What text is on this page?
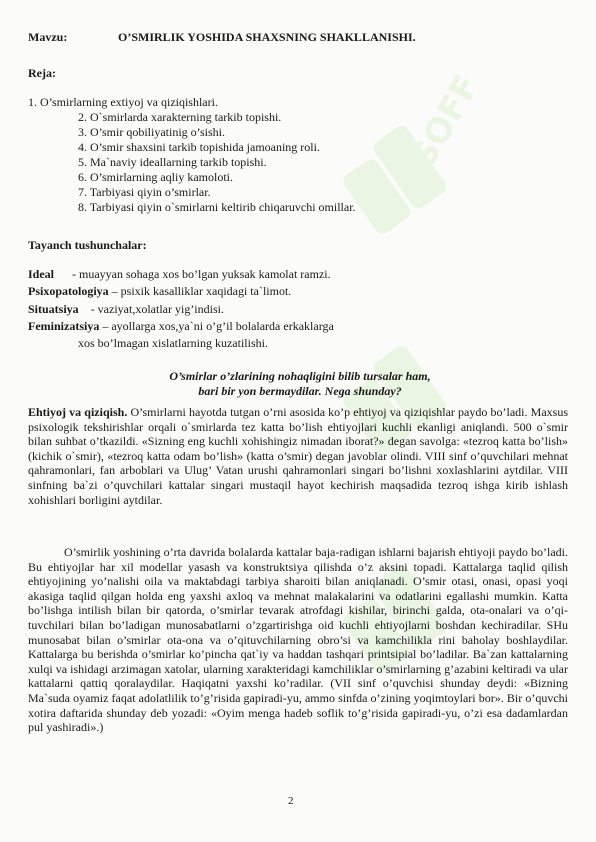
SOFF
Mavzu:	O’SMIRLIK YOSHIDA SHAXSNING SHAKLLANISHI.
Reja:
1. O’smirlarning extiyoj va qiziqishlari.
2. O`smirlarda xarakterning tarkib topishi.
3. O’smir qobiliyatinig o’sishi.
4. O’smir shaxsini tarkib topishida jamoaning roli.
5. Ma`naviy ideallarning tarkib topishi.
6. O’smirlarning aqliy kamoloti.
7. Tarbiyasi qiyin o’smirlar.
8. Tarbiyasi qiyin o`smirlarni keltirib chiqaruvchi omillar.
Tayanch tushunchalar:
Ideal      - muayyan sohaga xos bo’lgan yuksak kamolat ramzi.
Psixopatologiya – psixik kasalliklar xaqidagi ta`limot.
Situatsiya    - vaziyat,xolatlar yig’indisi.
Feminizatsiya – ayollarga xos,ya`ni o’g’il bolalarda erkaklarga
xos bo’lmagan xislatlarning kuzatilishi.
O’smirlar o’zlarining nohaqligini bilib tursalar ham,
bari bir yon bermaydilar. Nega shunday?
Ehtiyoj va qiziqish. O’smirlarni hayotda tutgan o’rni asosida ko’p ehtiyoj va qiziqishlar paydo bo’ladi. Maxsus psixologik tekshirishlar orqali o`smirlarda tez katta bo’lish ehtiyojlari kuchli ekanligi aniqlandi. 500 o`smir bilan suhbat o’tkazildi. «Sizning eng kuchli xohishingiz nimadan iborat?» degan savolga: «tezroq katta bo’lish» (kichik o`smir), «tezroq katta odam bo’lish» (katta o’smir) degan javoblar olindi. VIII sinf o’quvchilari mehnat qahramonlari, fan arboblari va Ulug’ Vatan urushi qahramonlari singari bo’lishni xoxlashlarini aytdilar. VIII sinfning ba`zi o’quvchilari kattalar singari mustaqil hayot kechirish maqsadida tezroq ishga kirib ishlash xohishlari borligini aytdilar.
O’smirlik yoshining o’rta davrida bolalarda kattalar baja-radigan ishlarni bajarish ehtiyoji paydo bo’ladi. Bu ehtiyojlar har xil modellar yasash va konstruktsiya qilishda o’z aksini topadi. Kattalarga taqlid qilish ehtiyojining yo’nalishi oila va maktabdagi tarbiya sharoiti bilan aniqlanadi. O’smir otasi, onasi, opasi yoqi akasiga taqlid qilgan holda eng yaxshi axloq va mehnat malakalarini va odatlarini egallashi mumkin. Katta bo’lishga intilish bilan bir qatorda, o’smirlar tevarak atrofdagi kishilar, birinchi galda, ota-onalari va o’qi-tuvchilari bilan bo’ladigan munosabatlarni o’zgartirishga oid kuchli ehtiyojlarni boshdan kechiradilar. SHu munosabat bilan o’smirlar ota-ona va o’qituvchilarning obro’si va kamchilikla rini baholay boshlaydilar. Kattalarga bu berishda o’smirlar ko’pincha qat`iy va haddan tashqari printsipial bo’ladilar. Ba`zan kattalarning xulqi va ishidagi arzimagan xatolar, ularning xarakteridagi kamchiliklar o’smirlarning g’azabini keltiradi va ular kattalarni qattiq qoralaydilar. Haqiqatni yaxshi ko’radilar. (VII sinf o’quvchisi shunday deydi: «Bizning Ma`suda oyamiz faqat adolatlilik to’g’risida gapiradi-yu, ammo sinfda o’zining yoqimtoylari bor». Bir o’quvchi xotira daftarida shunday deb yozadi: «Oyim menga hadeb soflik to’g’risida gapiradi-yu, o’zi esa dadamlardan pul yashiradi».)
2
